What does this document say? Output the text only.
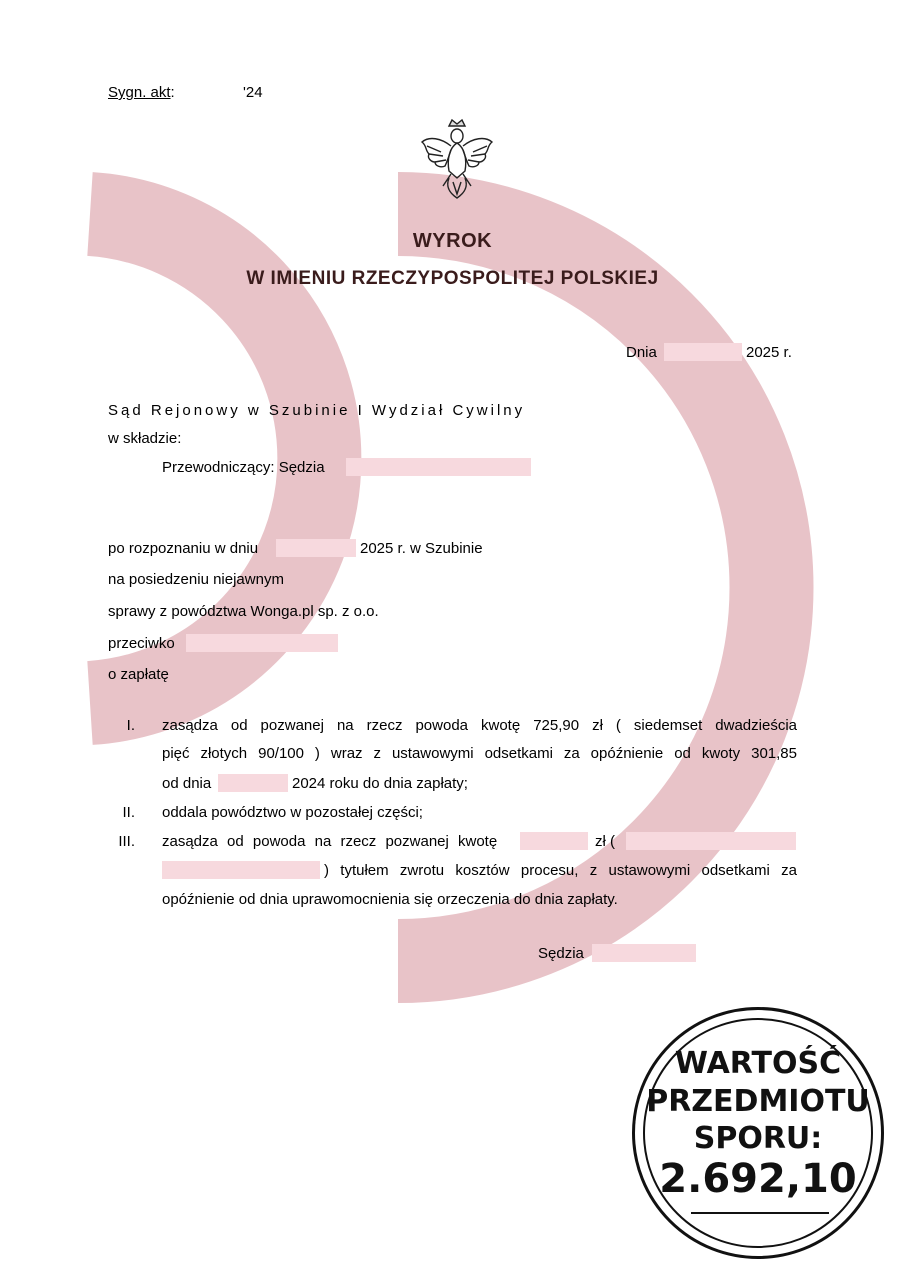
Sygn. akt:	'24
WYROK
W IMIENIU RZECZYPOSPOLITEJ POLSKIEJ
Dnia	2025 r.
Sąd Rejonowy w Szubinie I Wydział Cywilny
w składzie:
Przewodniczący: Sędzia
po rozpoznaniu w dniu	2025 r. w Szubinie
na posiedzeniu niejawnym
sprawy z powództwa Wonga.pl sp. z o.o.
przeciwko
o zapłatę
I. zasądza od pozwanej na rzecz powoda kwotę 725,90 zł ( siedemset dwadzieścia
pięć złotych 90/100 ) wraz z ustawowymi odsetkami za opóźnienie od kwoty 301,85
od dnia	2024 roku do dnia zapłaty;
II. oddala powództwo w pozostałej części;
III. zasądza od powoda na rzecz pozwanej kwotę	zł (
) tytułem zwrotu kosztów procesu, z ustawowymi odsetkami za
opóźnienie od dnia uprawomocnienia się orzeczenia do dnia zapłaty.
Sędzia
WARTOŚĆ
PRZEDMIOTU
SPORU:
2.692,10
